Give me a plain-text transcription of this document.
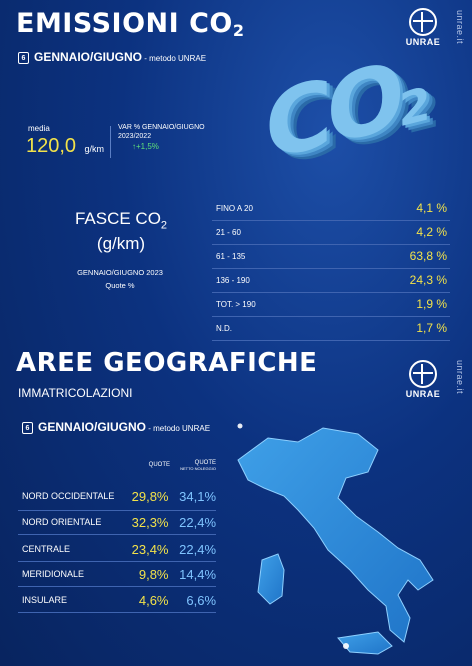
EMISSIONI $CO_2$
UNRAE	unrae.it
6 GENNAIO/GIUGNO - metodo UNRAE CO2
media
120,0 g/km
VAR % GENNAIO/GIUGNO
2023/2022
↑+1,5%
FASCE $CO_2$
(g/km)
GENNAIO/GIUGNO 2023
Quote %
FINO A 20	4,1 %
21 - 60	4,2 %
61 - 135	63,8 %
136 - 190	24,3 %
TOT. > 190	1,9 %
N.D.	1,7 %
AREE GEOGRAFICHE
IMMATRICOLAZIONI	UNRAE	unrae.it
6 GENNAIO/GIUGNO - metodo UNRAE
QUOTE	QUOTE
NETTO NOLEGGIO
NORD OCCIDENTALE	29,8% 34,1%
NORD ORIENTALE	32,3% 22,4%
CENTRALE	23,4% 22,4%
MERIDIONALE	9,8% 14,4%
INSULARE	4,6%	6,6%
